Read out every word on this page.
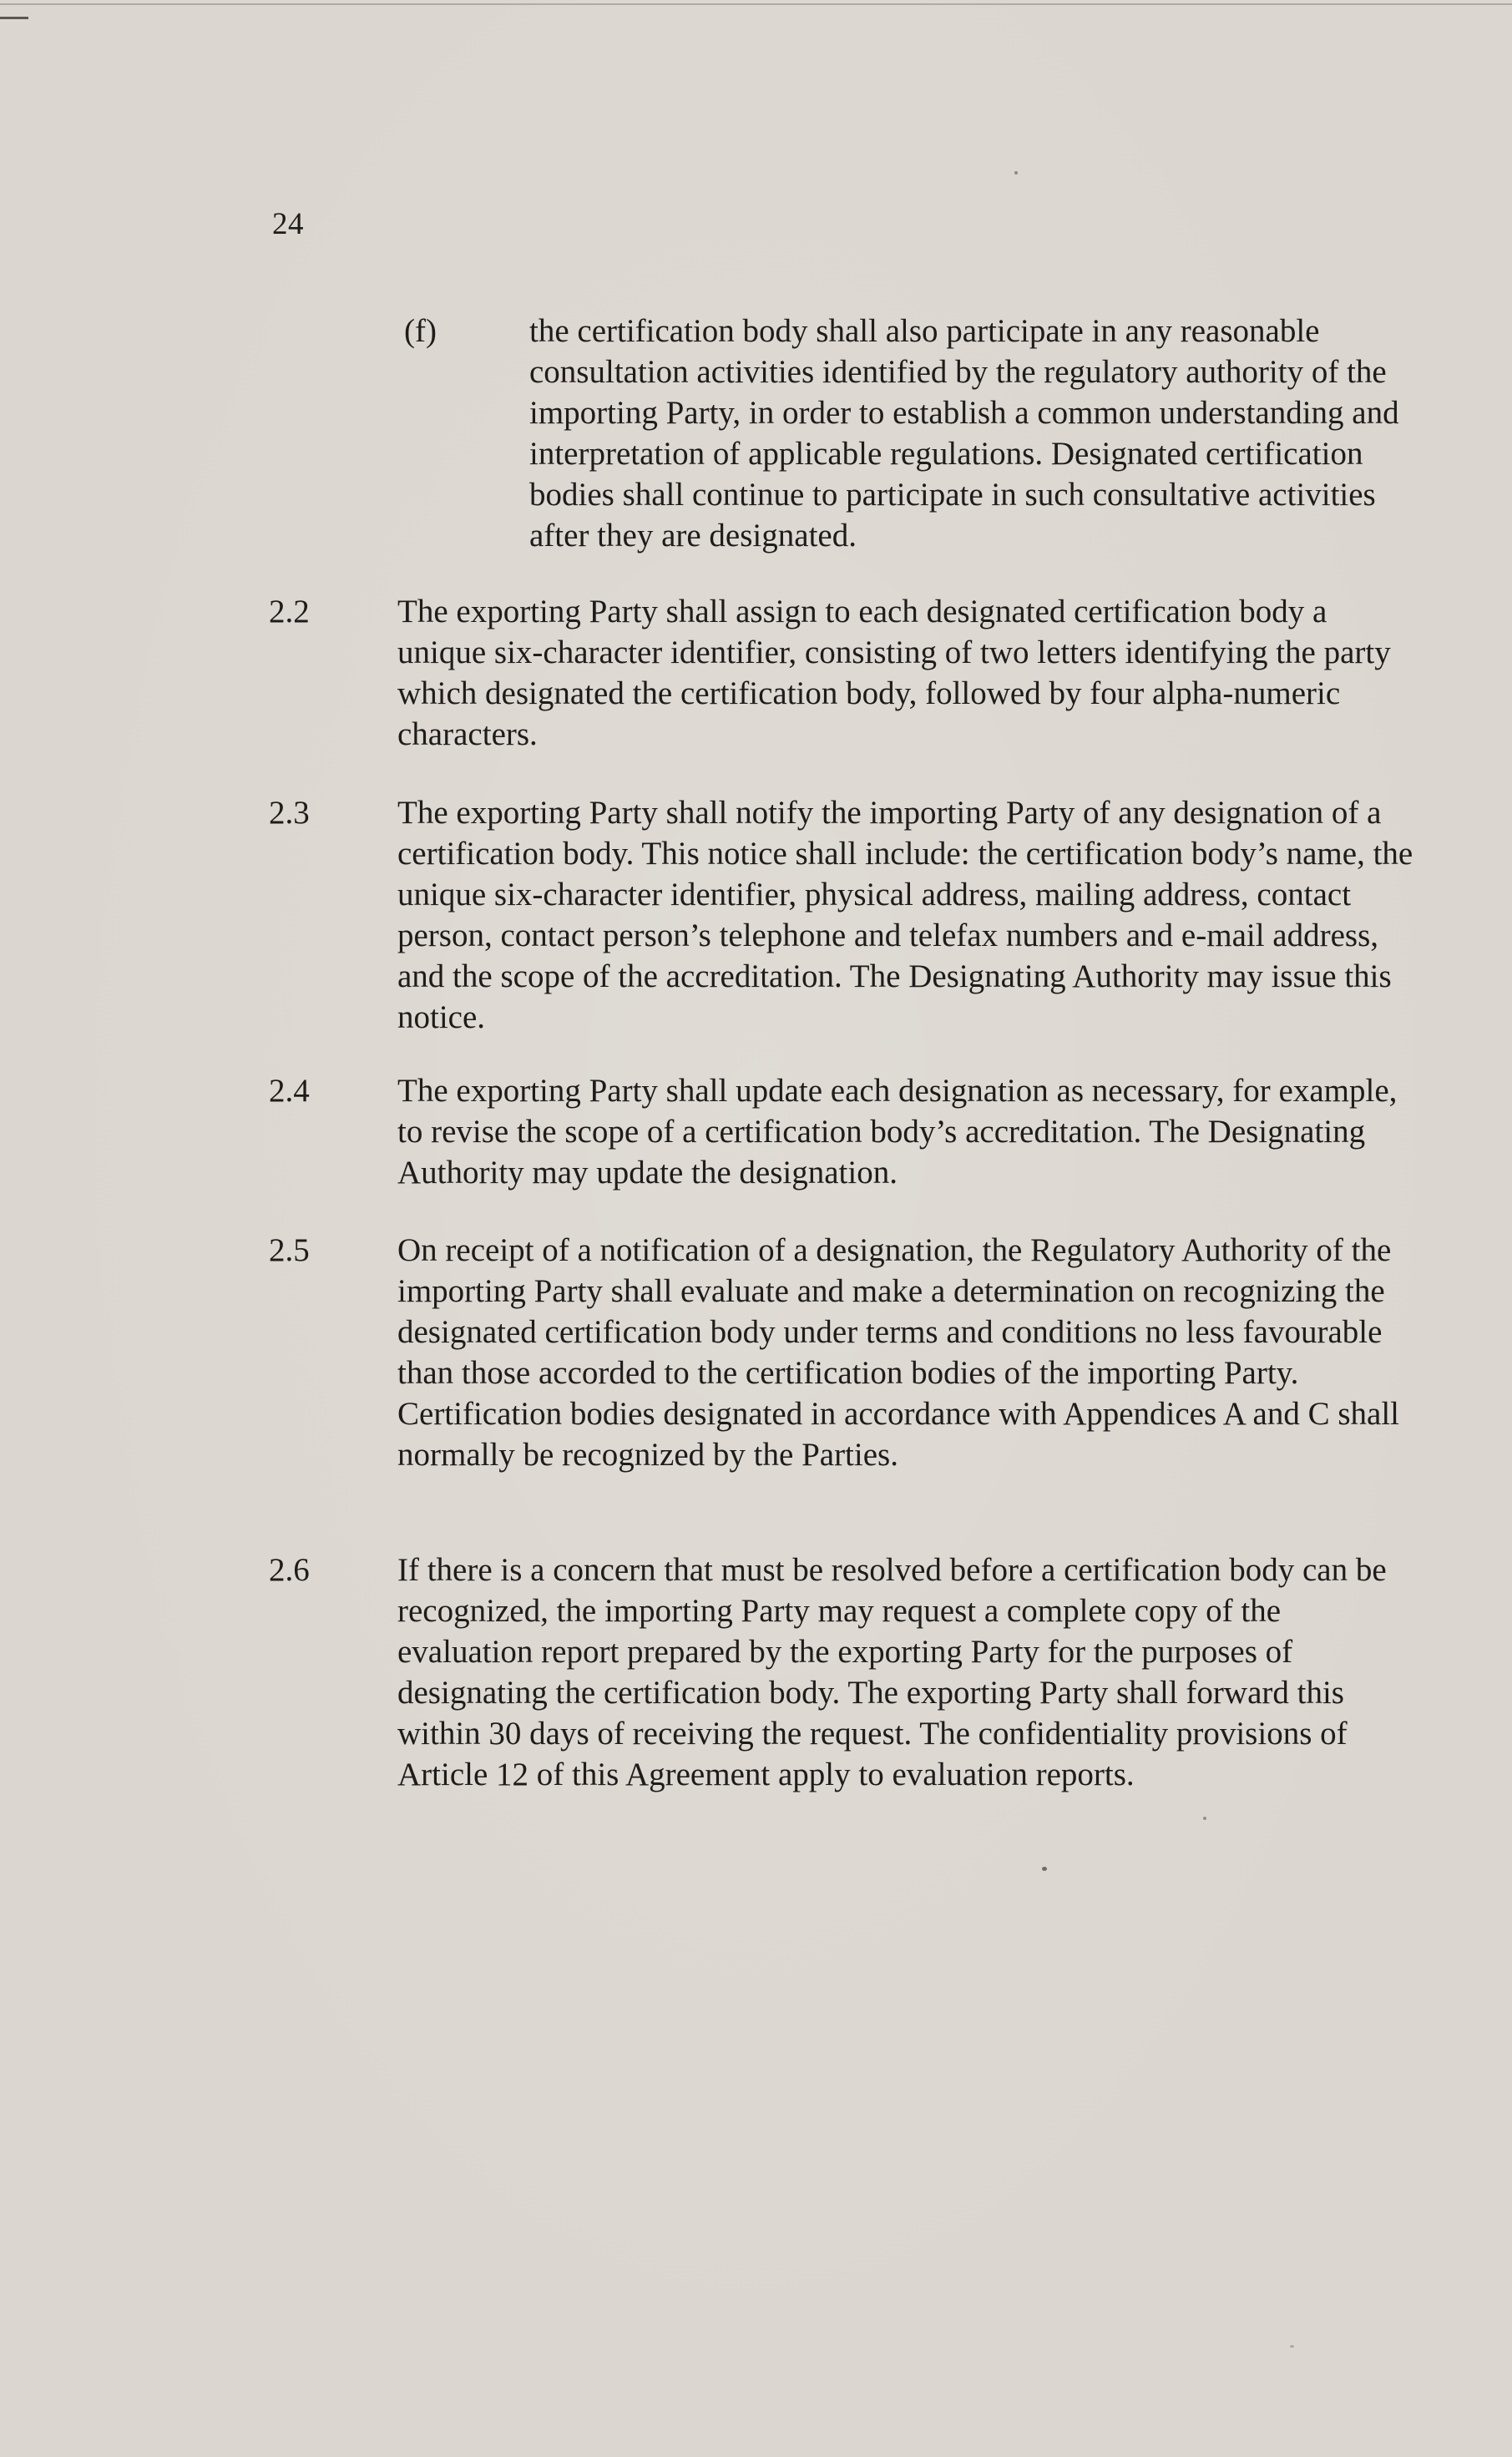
24
(f)	the certification body shall also participate in any reasonable consultation activities identified by the regulatory authority of the importing Party, in order to establish a common understanding and interpretation of applicable regulations. Designated certification bodies shall continue to participate in such consultative activities after they are designated.
2.2	The exporting Party shall assign to each designated certification body a unique six-character identifier, consisting of two letters identifying the party which designated the certification body, followed by four alpha-numeric characters.
2.3	The exporting Party shall notify the importing Party of any designation of a certification body. This notice shall include: the certification body’s name, the unique six-character identifier, physical address, mailing address, contact person, contact person’s telephone and telefax numbers and e-mail address, and the scope of the accreditation. The Designating Authority may issue this notice.
2.4	The exporting Party shall update each designation as necessary, for example, to revise the scope of a certification body’s accreditation. The Designating Authority may update the designation.
2.5	On receipt of a notification of a designation, the Regulatory Authority of the importing Party shall evaluate and make a determination on recognizing the designated certification body under terms and conditions no less favourable than those accorded to the certification bodies of the importing Party. Certification bodies designated in accordance with Appendices A and C shall normally be recognized by the Parties.
2.6	If there is a concern that must be resolved before a certification body can be recognized, the importing Party may request a complete copy of the evaluation report prepared by the exporting Party for the purposes of designating the certification body. The exporting Party shall forward this within 30 days of receiving the request. The confidentiality provisions of Article 12 of this Agreement apply to evaluation reports.
